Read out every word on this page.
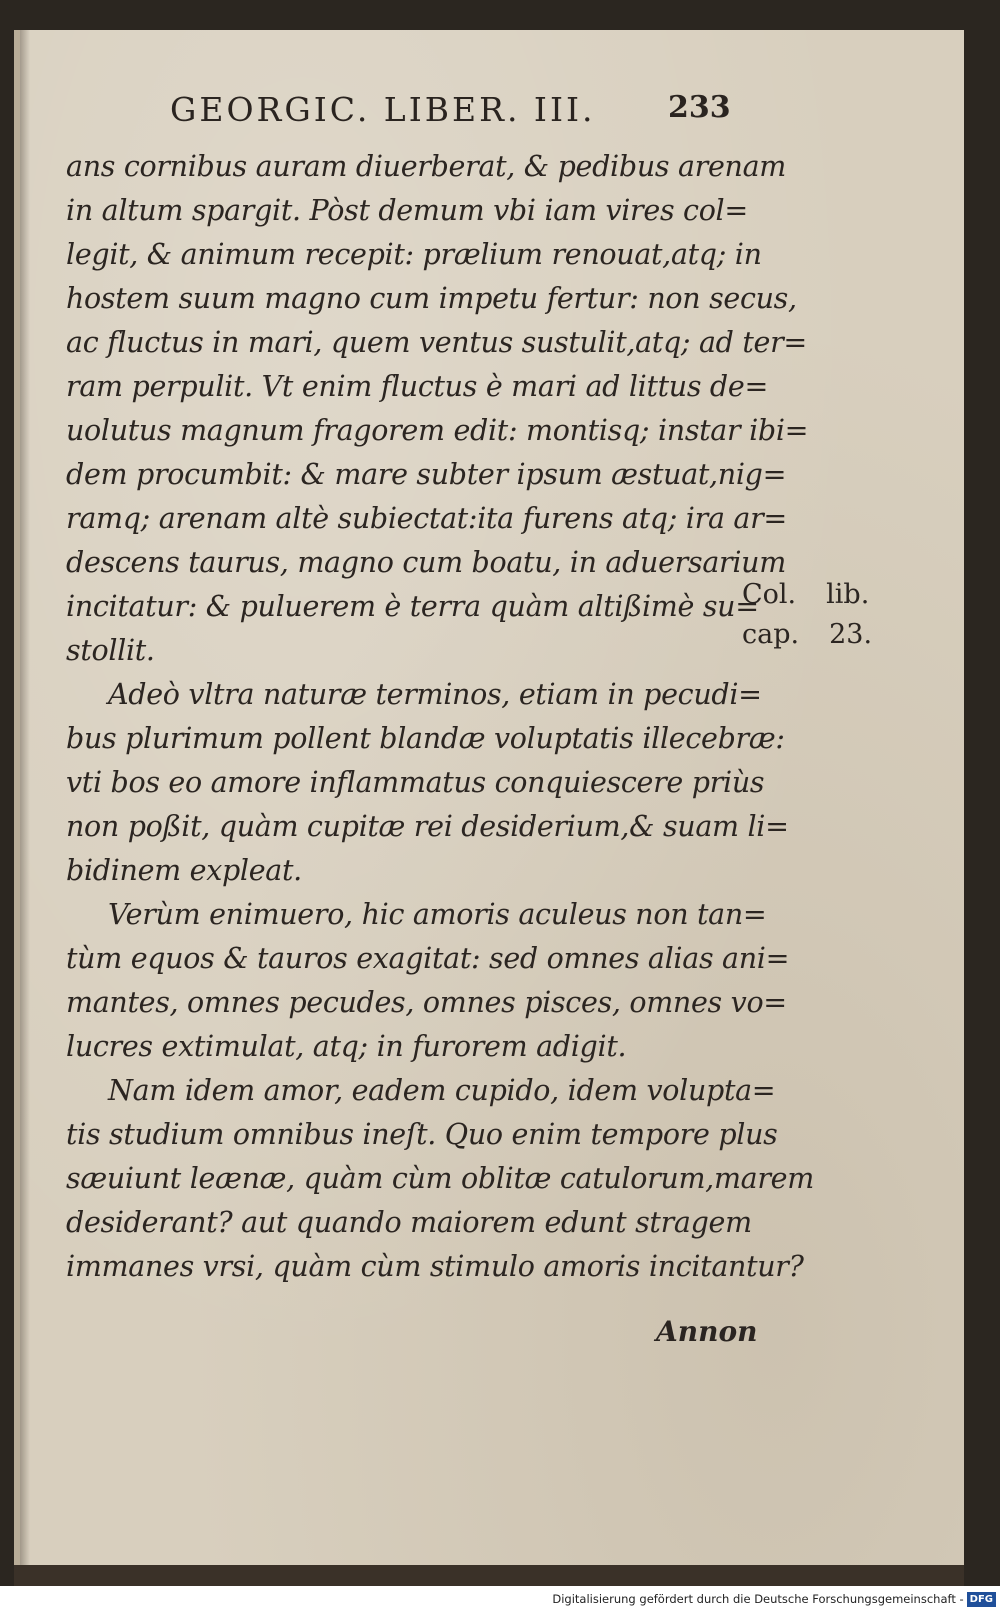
GEORGIC. LIBER. III. 233
ans cornibus auram diuerberat, & pedibus arenam
in altum spargit. Pòst demum vbi iam vires col=
legit, & animum recepit: prælium renouat,atq; in
hostem suum magno cum impetu fertur: non secus,
ac fluctus in mari, quem ventus sustulit,atq; ad ter=
ram perpulit. Vt enim fluctus è mari ad littus de=
uolutus magnum fragorem edit: montisq; instar ibi=
dem procumbit: & mare subter ipsum æstuat,nig=
ramq; arenam altè subiectat:ita furens atq; ira ar=
descens taurus, magno cum boatu, in aduersarium
incitatur: & puluerem è terra quàm altißimè su=
stollit.
Adeò vltra naturæ terminos, etiam in pecudi=
bus plurimum pollent blandæ voluptatis illecebræ:
vti bos eo amore inflammatus conquiescere priùs
non poßit, quàm cupitæ rei desiderium,& suam li=
bidinem expleat.
Verùm enimuero, hic amoris aculeus non tan=
tùm equos & tauros exagitat: sed omnes alias ani=
mantes, omnes pecudes, omnes pisces, omnes vo=
lucres extimulat, atq; in furorem adigit.
Nam idem amor, eadem cupido, idem volupta=
tis studium omnibus ineſt. Quo enim tempore plus
sæuiunt leænæ, quàm cùm oblitæ catulorum,marem
desiderant? aut quando maiorem edunt stragem
immanes vrsi, quàm cùm stimulo amoris incitantur?
Col. lib.
cap. 23.
Annon
Digitalisierung gefördert durch die Deutsche Forschungsgemeinschaft - DFG
